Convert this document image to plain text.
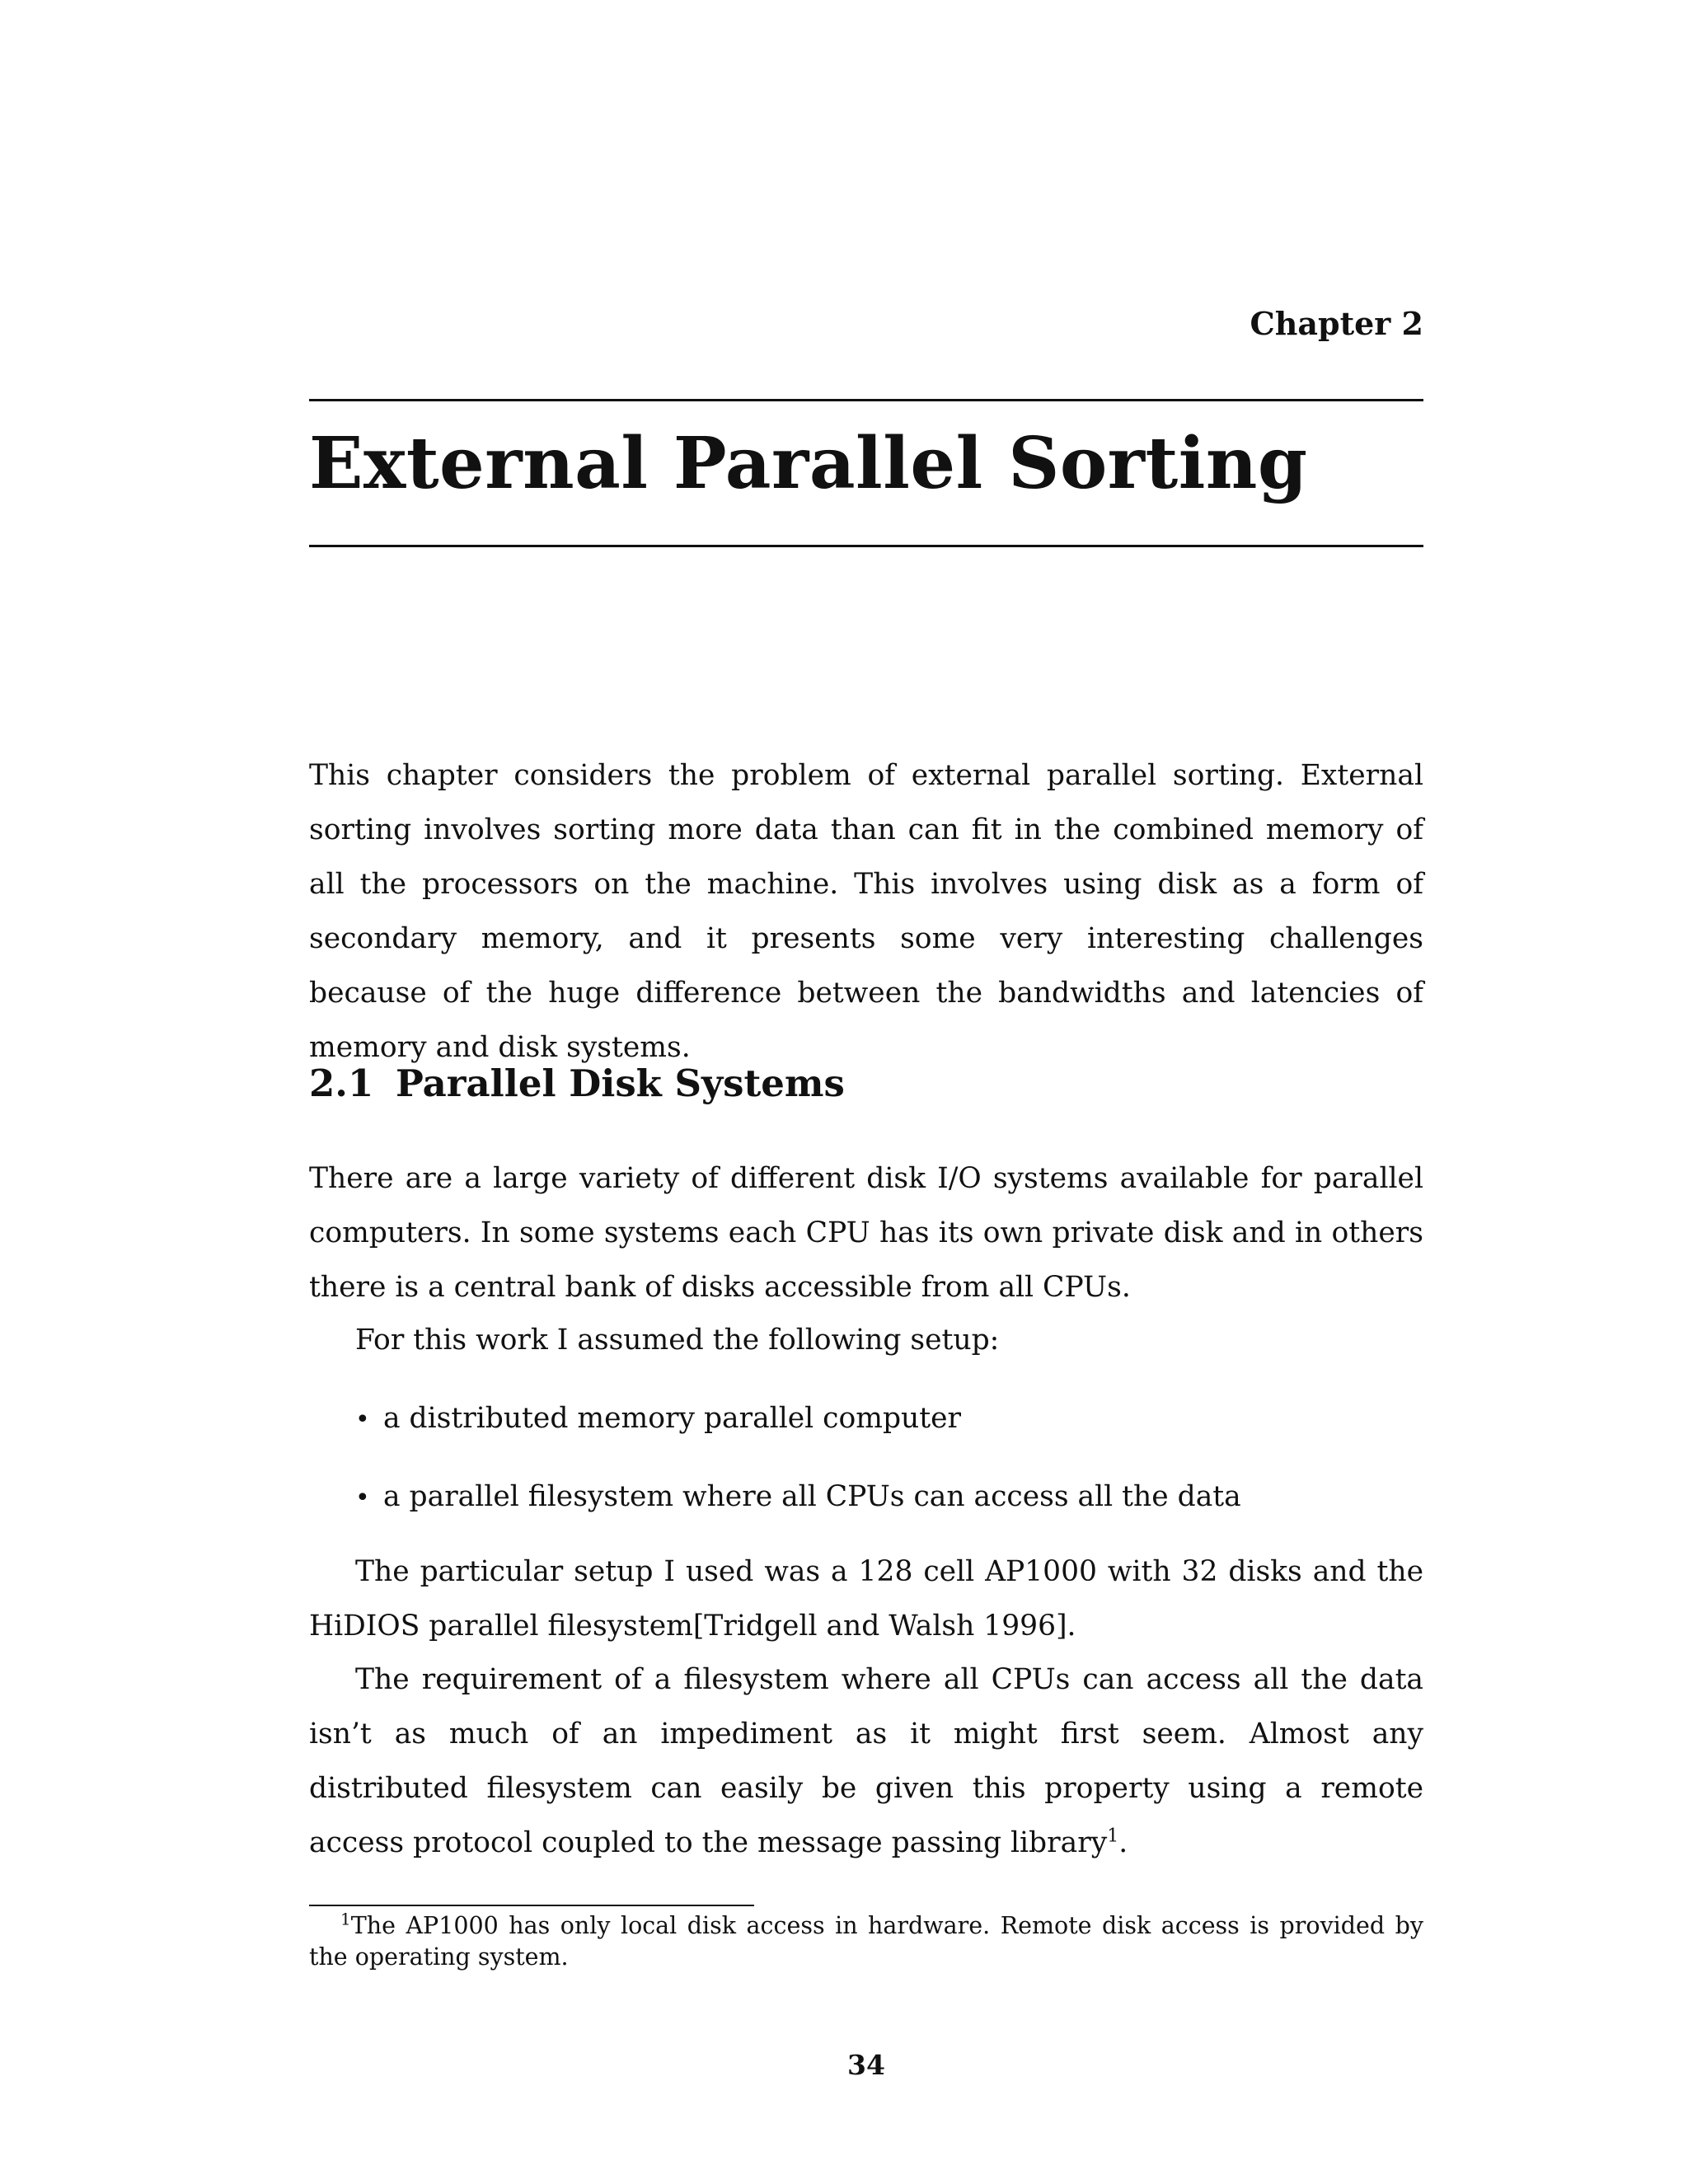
Chapter 2
External Parallel Sorting

This chapter considers the problem of external parallel sorting. External sorting involves sorting more data than can fit in the combined memory of all the processors on the machine. This involves using disk as a form of secondary memory, and it presents some very interesting challenges because of the huge difference between the bandwidths and latencies of memory and disk systems.

2.1 Parallel Disk Systems

There are a large variety of different disk I/O systems available for parallel computers. In some systems each CPU has its own private disk and in others there is a central bank of disks accessible from all CPUs.

For this work I assumed the following setup:

• a distributed memory parallel computer
• a parallel filesystem where all CPUs can access all the data

The particular setup I used was a 128 cell AP1000 with 32 disks and the HiDIOS parallel filesystem[Tridgell and Walsh 1996].

The requirement of a filesystem where all CPUs can access all the data isn’t as much of an impediment as it might first seem. Almost any distributed filesystem can easily be given this property using a remote access protocol coupled to the message passing library$^1$.

$^1$The AP1000 has only local disk access in hardware. Remote disk access is provided by the operating system.

34
